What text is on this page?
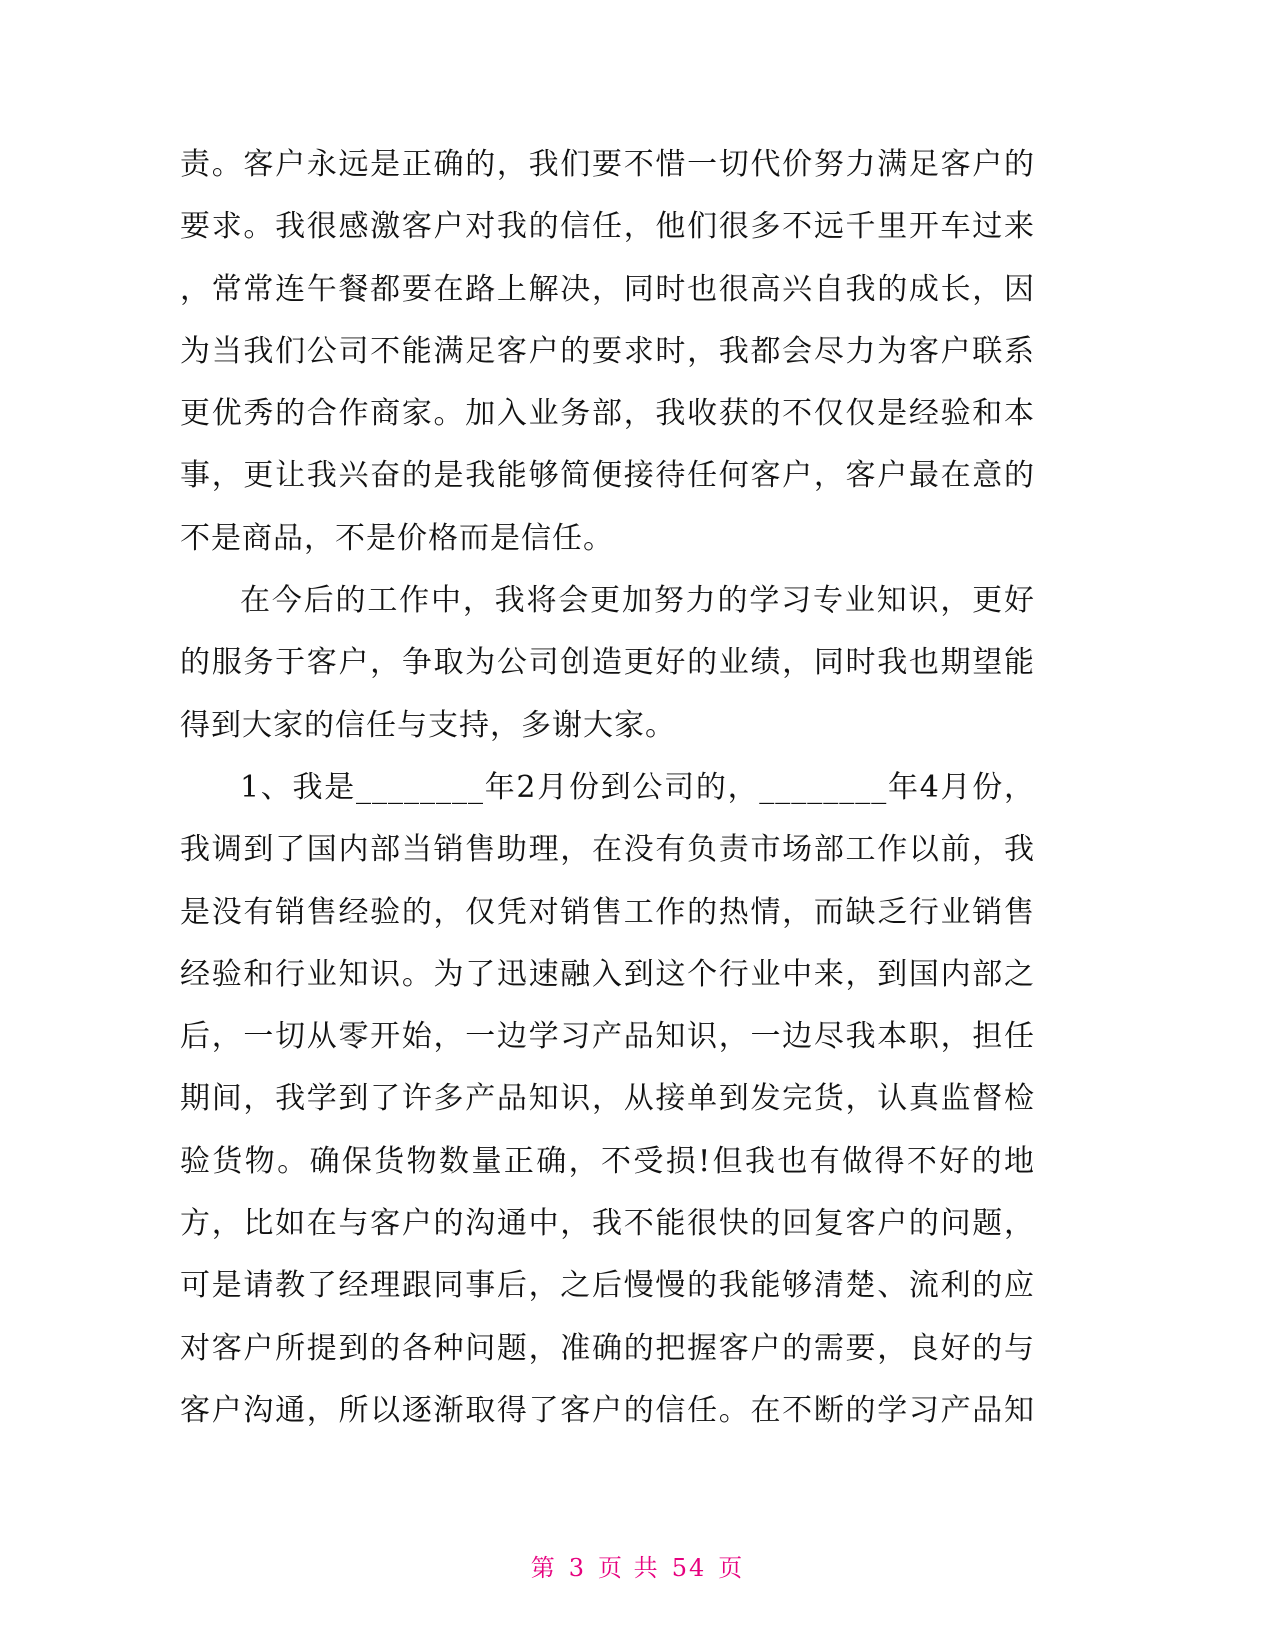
责。客户永远是正确的，我们要不惜一切代价努力满足客户的
要求。我很感激客户对我的信任，他们很多不远千里开车过来
，常常连午餐都要在路上解决，同时也很高兴自我的成长，因
为当我们公司不能满足客户的要求时，我都会尽力为客户联系
更优秀的合作商家。加入业务部，我收获的不仅仅是经验和本
事，更让我兴奋的是我能够简便接待任何客户，客户最在意的
不是商品，不是价格而是信任。
在今后的工作中，我将会更加努力的学习专业知识，更好
的服务于客户，争取为公司创造更好的业绩，同时我也期望能
得到大家的信任与支持，多谢大家。
1、我是________年2月份到公司的，________年4月份，
我调到了国内部当销售助理，在没有负责市场部工作以前，我
是没有销售经验的，仅凭对销售工作的热情，而缺乏行业销售
经验和行业知识。为了迅速融入到这个行业中来，到国内部之
后，一切从零开始，一边学习产品知识，一边尽我本职，担任
期间，我学到了许多产品知识，从接单到发完货，认真监督检
验货物。确保货物数量正确，不受损!但我也有做得不好的地
方，比如在与客户的沟通中，我不能很快的回复客户的问题，
可是请教了经理跟同事后，之后慢慢的我能够清楚、流利的应
对客户所提到的各种问题，准确的把握客户的需要，良好的与
客户沟通，所以逐渐取得了客户的信任。在不断的学习产品知
第 3 页 共 54 页
